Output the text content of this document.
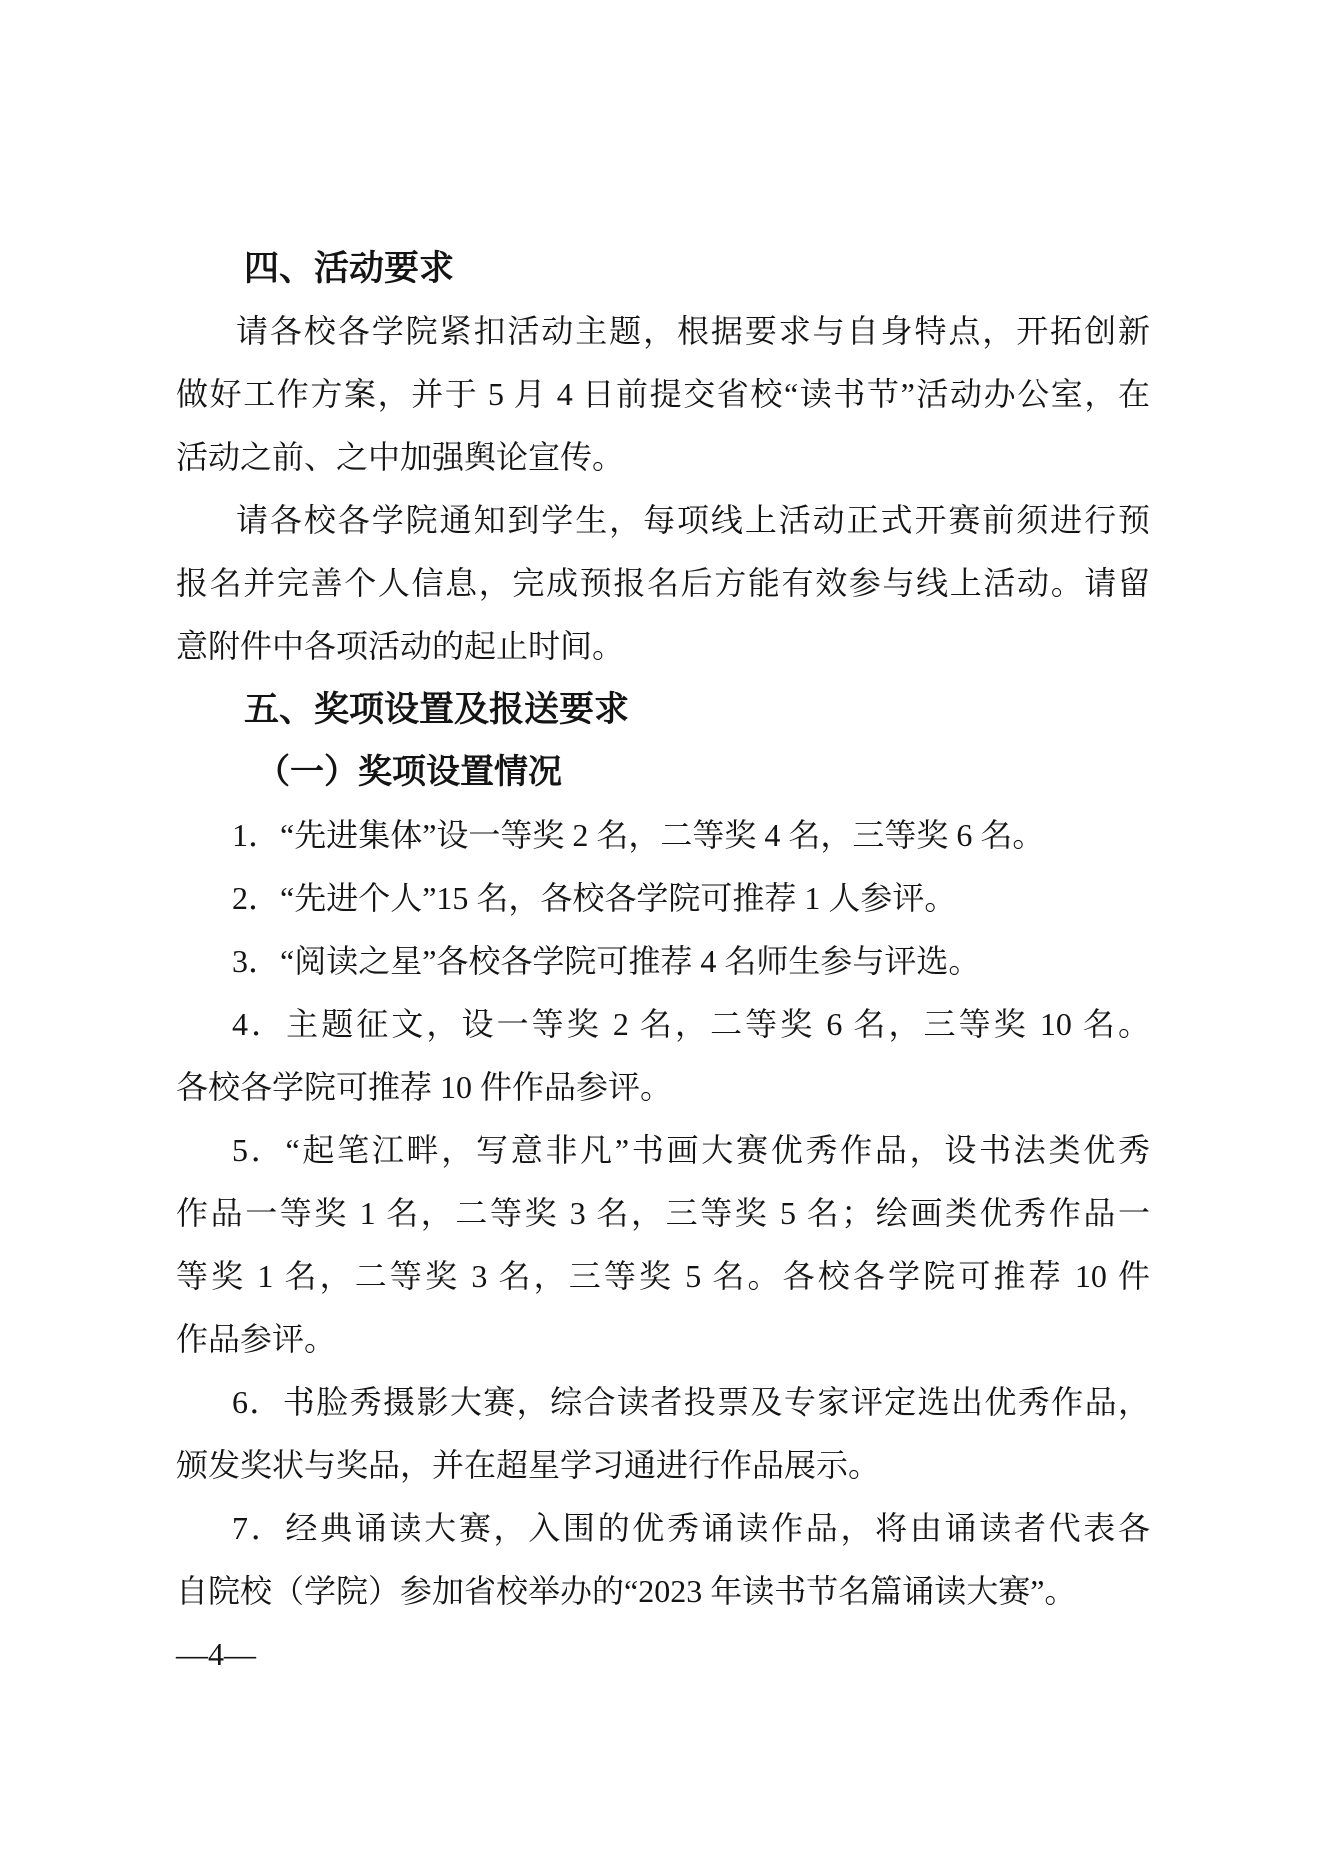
四、活动要求
请各校各学院紧扣活动主题，根据要求与自身特点，开拓创新
做好工作方案，并于 5 月 4 日前提交省校“读书节”活动办公室，在
活动之前、之中加强舆论宣传。
请各校各学院通知到学生，每项线上活动正式开赛前须进行预
报名并完善个人信息，完成预报名后方能有效参与线上活动。请留
意附件中各项活动的起止时间。
五、奖项设置及报送要求
（一）奖项设置情况
1．“先进集体”设一等奖 2 名，二等奖 4 名，三等奖 6 名。
2．“先进个人”15 名，各校各学院可推荐 1 人参评。
3．“阅读之星”各校各学院可推荐 4 名师生参与评选。
4．主题征文，设一等奖 2 名，二等奖 6 名，三等奖 10 名。
各校各学院可推荐 10 件作品参评。
5．“起笔江畔，写意非凡”书画大赛优秀作品，设书法类优秀
作品一等奖 1 名，二等奖 3 名，三等奖 5 名；绘画类优秀作品一
等奖 1 名，二等奖 3 名，三等奖 5 名。各校各学院可推荐 10 件
作品参评。
6．书脸秀摄影大赛，综合读者投票及专家评定选出优秀作品，
颁发奖状与奖品，并在超星学习通进行作品展示。
7．经典诵读大赛，入围的优秀诵读作品，将由诵读者代表各
自院校（学院）参加省校举办的“2023 年读书节名篇诵读大赛”。
—4—
